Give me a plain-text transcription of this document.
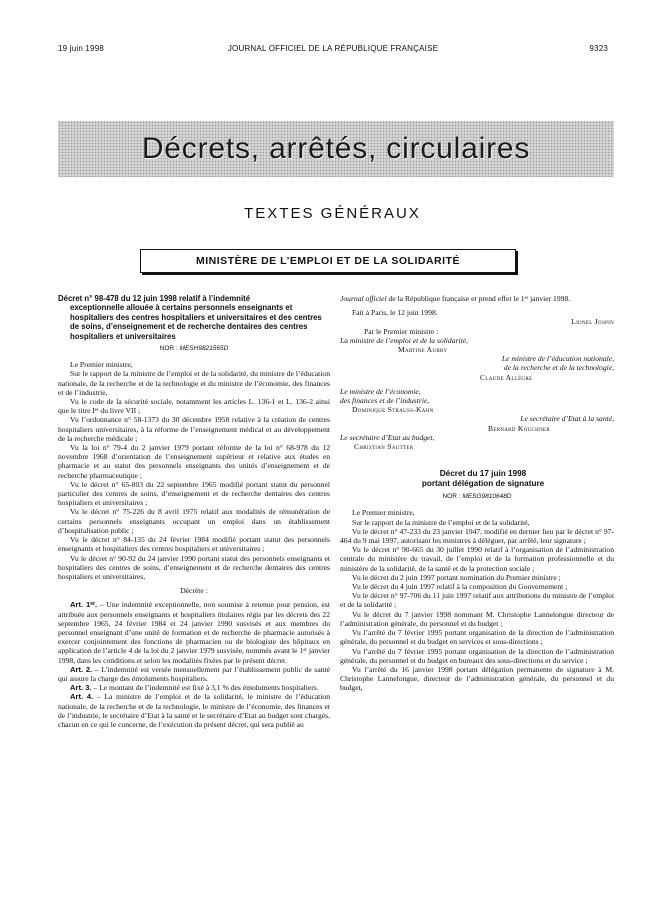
19 juin 1998	JOURNAL OFFICIEL DE LA RÉPUBLIQUE FRANÇAISE	9323
Décrets, arrêtés, circulaires
TEXTES GÉNÉRAUX
MINISTÈRE DE L’EMPLOI ET DE LA SOLIDARITÉ
Décret n° 98-478 du 12 juin 1998 relatif à l’indemnité
exceptionnelle allouée à certains personnels enseignants et hospitaliers des centres hospitaliers et universitaires et des centres de soins, d’enseignement et de recherche dentaires des centres hospitaliers et universitaires
NOR : MESH9821565D

Le Premier ministre,

Sur le rapport de la ministre de l’emploi et de la solidarité, du ministre de l’éducation nationale, de la recherche et de la technologie et du ministre de l’économie, des finances et de l’industrie,

Vu le code de la sécurité sociale, notamment les articles L. 136-1 et L. 136-2 ainsi que le titre Iᵉʳ du livre VII ;

Vu l’ordonnance n° 58-1373 du 30 décembre 1958 relative à la création de centres hospitaliers universitaires, à la réforme de l’enseignement médical et au développement de la recherche médicale ;

Vu la loi n° 79-4 du 2 janvier 1979 portant réforme de la loi n° 68-978 du 12 novembre 1968 d’orientation de l’enseignement supérieur et relative aux études en pharmacie et au statut des personnels enseignants des unités d’enseignement et de recherche pharmaceutique ;

Vu le décret n° 65-803 du 22 septembre 1965 modifié portant statut du personnel particulier des centres de soins, d’enseignement et de recherche dentaires des centres hospitaliers et universitaires ;

Vu le décret n° 75-226 du 8 avril 1975 relatif aux modalités de rémunération de certains personnels enseignants occupant un emploi dans un établissement d’hospitalisation public ;

Vu le décret n° 84-135 du 24 février 1984 modifié portant statut des personnels enseignants et hospitaliers des centres hospitaliers et universitaires ;

Vu le décret n° 90-92 du 24 janvier 1990 portant statut des personnels enseignants et hospitaliers des centres de soins, d’enseignement et de recherche dentaires des centres hospitaliers et universitaires,

Décrète :

Art. 1ᵉʳ. – Une indemnité exceptionnelle, non soumise à retenue pour pension, est attribuée aux personnels enseignants et hospitaliers titulaires régis par les décrets des 22 septembre 1965, 24 février 1984 et 24 janvier 1990 susvisés et aux membres du personnel enseignant d’une unité de formation et de recherche de pharmacie autorisés à exercer conjointement des fonctions de pharmacien ou de biologiste des hôpitaux en application de l’article 4 de la loi du 2 janvier 1979 susvisée, nommés avant le 1ᵉʳ janvier 1998, dans les conditions et selon les modalités fixées par le présent décret.

Art. 2. – L’indemnité est versée mensuellement par l’établissement public de santé qui assure la charge des émoluments hospitaliers.

Art. 3. – Le montant de l’indemnité est fixé à 3,1 % des émoluments hospitaliers.

Art. 4. – La ministre de l’emploi et de la solidarité, le ministre de l’éducation nationale, de la recherche et de la technologie, le ministre de l’économie, des finances et de l’industrie, le secrétaire d’Etat à la santé et le secrétaire d’Etat au budget sont chargés, chacun en ce qui le concerne, de l’exécution du présent décret, qui sera publié au

Journal officiel de la République française et prend effet le 1ᵉʳ janvier 1998.

Fait à Paris, le 12 juin 1998.

Lionel Jospin

Par le Premier ministre :

La ministre de l’emploi et de la solidarité,

Martine Aubry

Le ministre de l’éducation nationale,

de la recherche et de la technologie,

Claude Allègre

Le ministre de l’économie,

des finances et de l’industrie,

Dominique Strauss-Kahn

Le secrétaire d’Etat à la santé,

Bernard Kouchner

Le secrétaire d’Etat au budget,

Christian Sautter

Décret du 17 juin 1998

portant délégation de signature

NOR : MESG9810648D

Le Premier ministre,

Sur le rapport de la ministre de l’emploi et de la solidarité,

Vu le décret n° 47-233 du 23 janvier 1947, modifié en dernier lieu par le décret n° 97-464 du 9 mai 1997, autorisant les ministres à déléguer, par arrêté, leur signature ;

Vu le décret n° 90-665 du 30 juillet 1990 relatif à l’organisation de l’administration centrale du ministère du travail, de l’emploi et de la formation professionnelle et du ministère de la solidarité, de la santé et de la protection sociale ;

Vu le décret du 2 juin 1997 portant nomination du Premier ministre ;

Vu le décret du 4 juin 1997 relatif à la composition du Gouvernement ;

Vu le décret n° 97-706 du 11 juin 1997 relatif aux attributions du ministre de l’emploi et de la solidarité ;

Vu le décret du 7 janvier 1998 nommant M. Christophe Lannelongue directeur de l’administration générale, du personnel et du budget ;

Vu l’arrêté du 7 février 1995 portant organisation de la direction de l’administration générale, du personnel et du budget en services et sous-directions ;

Vu l’arrêté du 7 février 1995 portant organisation de la direction de l’administration générale, du personnel et du budget en bureaux des sous-directions et du service ;

Vu l’arrêté du 16 janvier 1998 portant délégation permanente de signature à M. Christophe Lannelongue, directeur de l’administration générale, du personnel et du budget,
